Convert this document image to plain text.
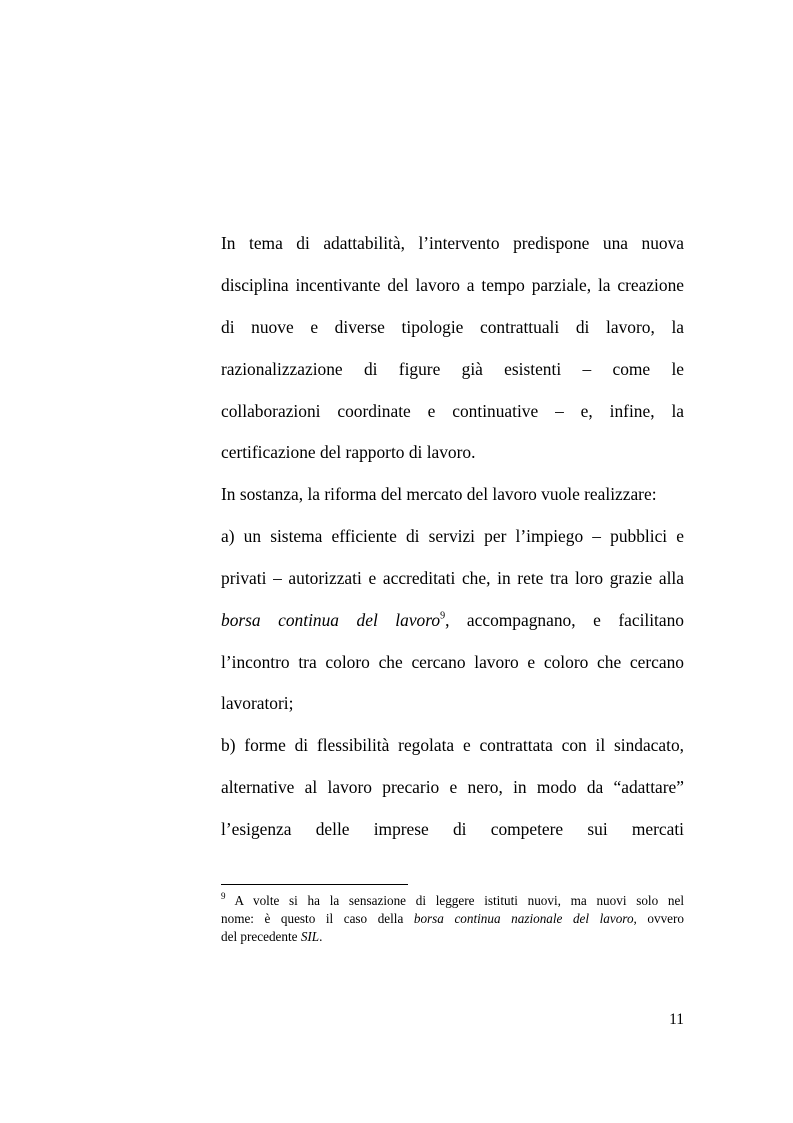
In tema di adattabilità, l’intervento predispone una nuova

disciplina incentivante del lavoro a tempo parziale, la creazione

di nuove e diverse tipologie contrattuali di lavoro, la

razionalizzazione di figure già esistenti – come le

collaborazioni coordinate e continuative – e, infine, la

certificazione del rapporto di lavoro.

In sostanza, la riforma del mercato del lavoro vuole realizzare:

a) un sistema efficiente di servizi per l’impiego – pubblici e

privati – autorizzati e accreditati che, in rete tra loro grazie alla

borsa continua del lavoro$^9$, accompagnano, e facilitano

l’incontro tra coloro che cercano lavoro e coloro che cercano

lavoratori;

b) forme di flessibilità regolata e contrattata con il sindacato,

alternative al lavoro precario e nero, in modo da “adattare”

l’esigenza delle imprese di competere sui mercati

$^9$ A volte si ha la sensazione di leggere istituti nuovi, ma nuovi solo nel

nome: è questo il caso della borsa continua nazionale del lavoro, ovvero

del precedente SIL.

11
